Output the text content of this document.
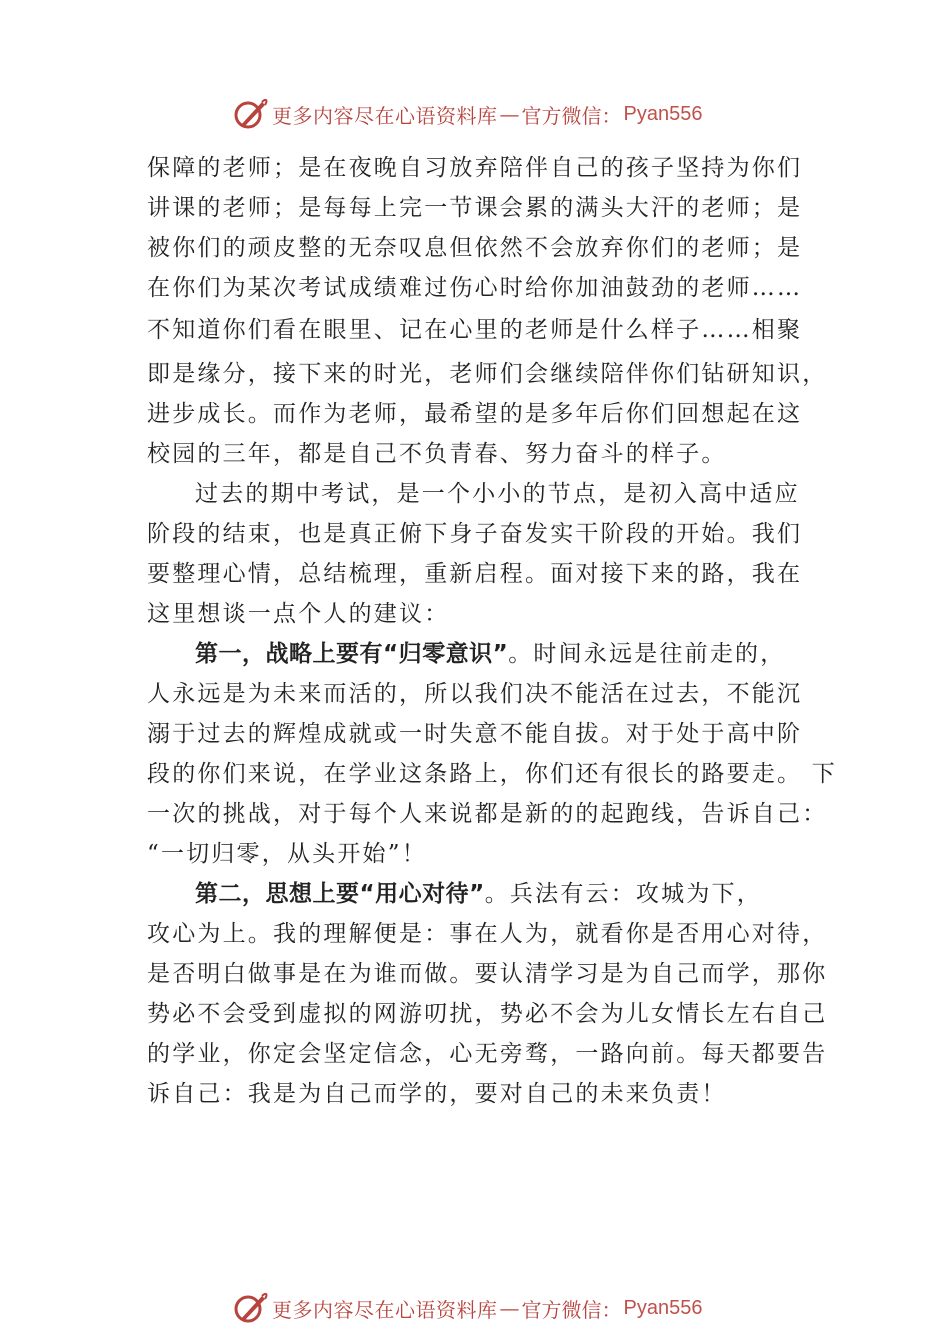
更多内容尽在心语资料库 — 官方微信： Pyan556
保障的老师；是在夜晚自习放弃陪伴自己的孩子坚持为你们
讲课的老师；是每每上完一节课会累的满头大汗的老师；是
被你们的顽皮整的无奈叹息但依然不会放弃你们的老师；是
在你们为某次考试成绩难过伤心时给你加油鼓劲的老师……
不知道你们看在眼里、记在心里的老师是什么样子……相聚
即是缘分，接下来的时光，老师们会继续陪伴你们钻研知识，
进步成长。而作为老师，最希望的是多年后你们回想起在这
校园的三年，都是自己不负青春、努力奋斗的样子。
过去的期中考试，是一个小小的节点，是初入高中适应
阶段的结束，也是真正俯下身子奋发实干阶段的开始。我们
要整理心情，总结梳理，重新启程。面对接下来的路，我在
这里想谈一点个人的建议：
第一，战略上要有“归零意识”。时间永远是往前走的，
人永远是为未来而活的，所以我们决不能活在过去，不能沉
溺于过去的辉煌成就或一时失意不能自拔。对于处于高中阶
段的你们来说，在学业这条路上，你们还有很长的路要走。 下
一次的挑战，对于每个人来说都是新的的起跑线，告诉自己：
“一切归零，从头开始”！
第二，思想上要“用心对待”。兵法有云：攻城为下，
攻心为上。我的理解便是：事在人为，就看你是否用心对待，
是否明白做事是在为谁而做。要认清学习是为自己而学，那你
势必不会受到虚拟的网游叨扰，势必不会为儿女情长左右自己
的学业，你定会坚定信念，心无旁骛，一路向前。每天都要告
诉自己：我是为自己而学的，要对自己的未来负责！
更多内容尽在心语资料库 — 官方微信： Pyan556
